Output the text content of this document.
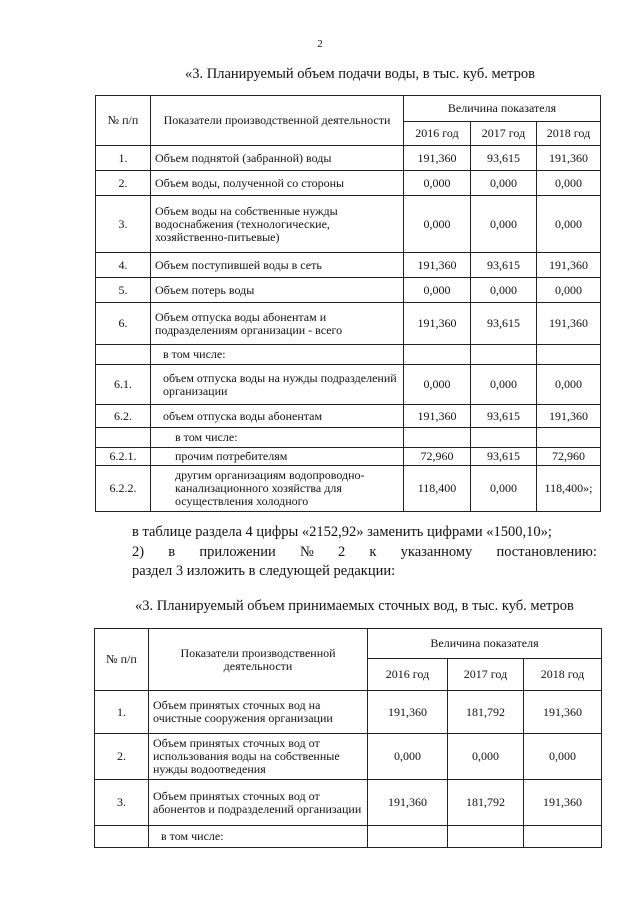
2
«3. Планируемый объем подачи воды, в тыс. куб. метров
№ п/п	Показатели производственной деятельности	Величина показателя		
		2016 год	2017 год	2018 год
1.	Объем поднятой (забранной) воды	191,360	93,615	191,360
2.	Объем воды, полученной со стороны	0,000	0,000	0,000
3.	Объем воды на собственные нужды водоснабжения (технологические, хозяйственно-питьевые)	0,000	0,000	0,000
4.	Объем поступившей воды в сеть	191,360	93,615	191,360
5.	Объем потерь воды	0,000	0,000	0,000
6.	Объем отпуска воды абонентам и подразделениям организации - всего	191,360	93,615	191,360
	в том числе:			
6.1.	объем отпуска воды на нужды подразделений организации	0,000	0,000	0,000
6.2.	объем отпуска воды абонентам	191,360	93,615	191,360
	в том числе:			
6.2.1.	прочим потребителям	72,960	93,615	72,960
6.2.2.	другим организациям водопроводно-канализационного хозяйства для осуществления холодного	118,400	0,000	118,400»;
в таблице раздела 4 цифры «2152,92» заменить цифрами «1500,10»;
2) в приложении № 2 к указанному постановлению:
раздел 3 изложить в следующей редакции:
«3. Планируемый объем принимаемых сточных вод, в тыс. куб. метров
№ п/п	Показатели производственной деятельности	Величина показателя		
		2016 год	2017 год	2018 год
1.	Объем принятых сточных вод на очистные сооружения организации	191,360	181,792	191,360
2.	Объем принятых сточных вод от использования воды на собственные нужды водоотведения	0,000	0,000	0,000
3.	Объем принятых сточных вод от абонентов и подразделений организации	191,360	181,792	191,360
	в том числе:			
